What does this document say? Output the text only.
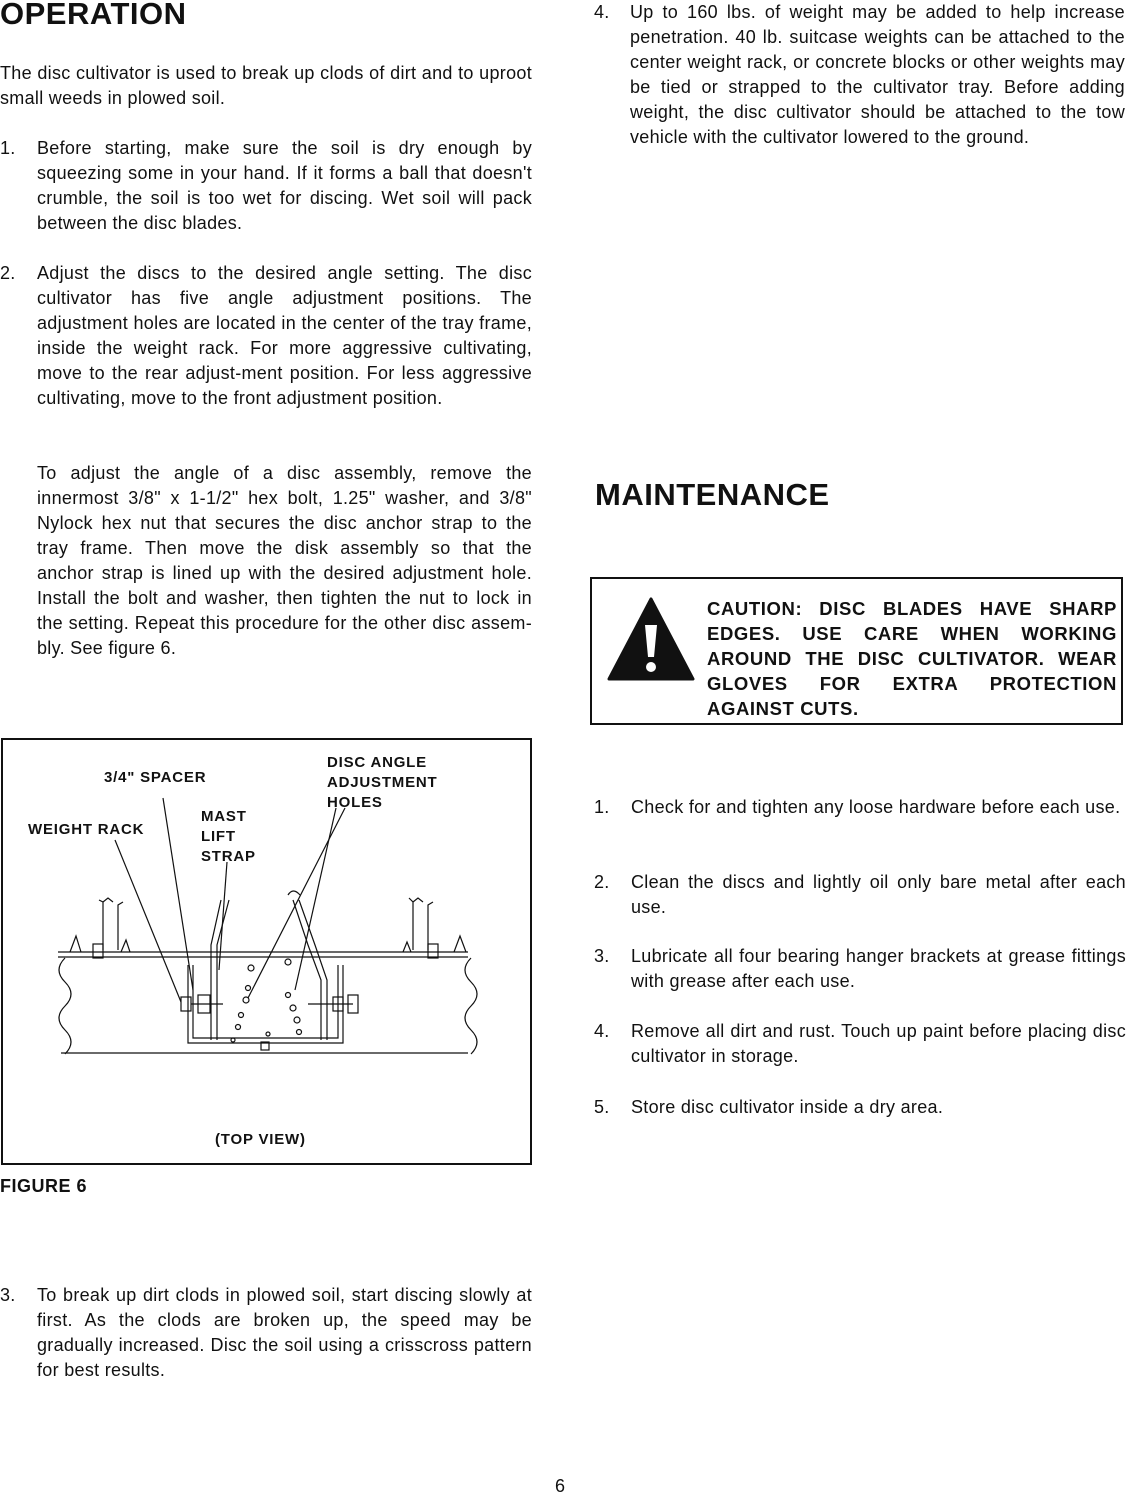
OPERATION

The disc cultivator is used to break up clods of dirt and to uproot small weeds in plowed soil.

1. Before starting, make sure the soil is dry enough by squeezing some in your hand. If it forms a ball that doesn't crumble, the soil is too wet for discing. Wet soil will pack between the disc blades.
2. Adjust the discs to the desired angle setting. The disc cultivator has five angle adjustment positions. The adjustment holes are located in the center of the tray frame, inside the weight rack. For more aggressive cultivating, move to the rear adjust-ment position. For less aggressive cultivating, move to the front adjustment position.

To adjust the angle of a disc assembly, remove the innermost 3/8" x 1-1/2" hex bolt, 1.25" washer, and 3/8" Nylock hex nut that secures the disc anchor strap to the tray frame. Then move the disk assembly so that the anchor strap is lined up with the desired adjustment hole. Install the bolt and washer, then tighten the nut to lock in the setting. Repeat this procedure for the other disc assem-bly. See figure 6.

3/4" SPACER
WEIGHT RACK
MAST LIFT STRAP
DISC ANGLE ADJUSTMENT HOLES
(TOP VIEW)
FIGURE 6
3. To break up dirt clods in plowed soil, start discing slowly at first. As the clods are broken up, the speed may be gradually increased. Disc the soil using a crisscross pattern for best results.
4. Up to 160 lbs. of weight may be added to help increase penetration. 40 lb. suitcase weights can be attached to the center weight rack, or concrete blocks or other weights may be tied or strapped to the cultivator tray. Before adding weight, the disc cultivator should be attached to the tow vehicle with the cultivator lowered to the ground.
MAINTENANCE
CAUTION: DISC BLADES HAVE SHARP EDGES. USE CARE WHEN WORKING AROUND THE DISC CULTIVATOR. WEAR GLOVES FOR EXTRA PROTECTION AGAINST CUTS.
1. Check for and tighten any loose hardware before each use.
2. Clean the discs and lightly oil only bare metal after each use.
3. Lubricate all four bearing hanger brackets at grease fittings with grease after each use.
4. Remove all dirt and rust. Touch up paint before placing disc cultivator in storage.
5. Store disc cultivator inside a dry area.
6
